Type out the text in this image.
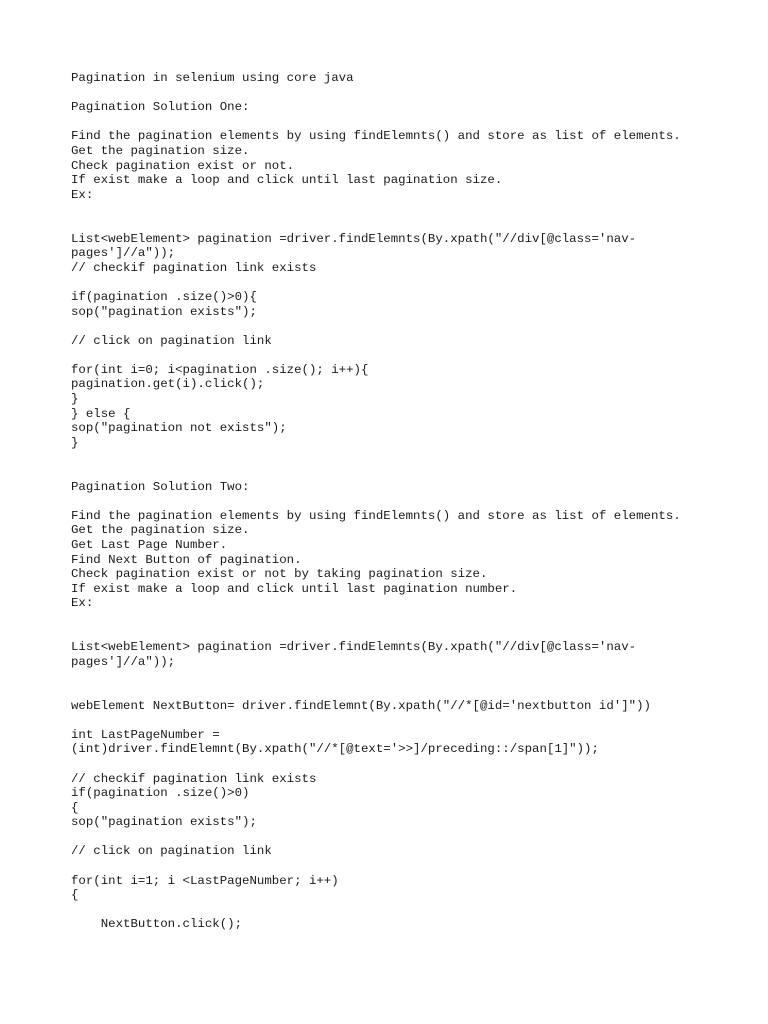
Pagination in selenium using core java
Pagination Solution One:
Find the pagination elements by using findElemnts() and store as list of elements.
Get the pagination size.
Check pagination exist or not.
If exist make a loop and click until last pagination size.
Ex:
List<webElement> pagination =driver.findElemnts(By.xpath("//div[@class='nav-
pages']//a"));
// checkif pagination link exists
if(pagination .size()>0){
sop("pagination exists");
// click on pagination link
for(int i=0; i<pagination .size(); i++){
pagination.get(i).click();
}
} else {
sop("pagination not exists");
}
Pagination Solution Two:
Find the pagination elements by using findElemnts() and store as list of elements.
Get the pagination size.
Get Last Page Number.
Find Next Button of pagination.
Check pagination exist or not by taking pagination size.
If exist make a loop and click until last pagination number.
Ex:
List<webElement> pagination =driver.findElemnts(By.xpath("//div[@class='nav-
pages']//a"));
webElement NextButton= driver.findElemnt(By.xpath("//*[@id='nextbutton id']"))
int LastPageNumber =
(int)driver.findElemnt(By.xpath("//*[@text='>>]/preceding::/span[1]"));
// checkif pagination link exists
if(pagination .size()>0)
{
sop("pagination exists");
// click on pagination link
for(int i=1; i <LastPageNumber; i++)
{
NextButton.click();
